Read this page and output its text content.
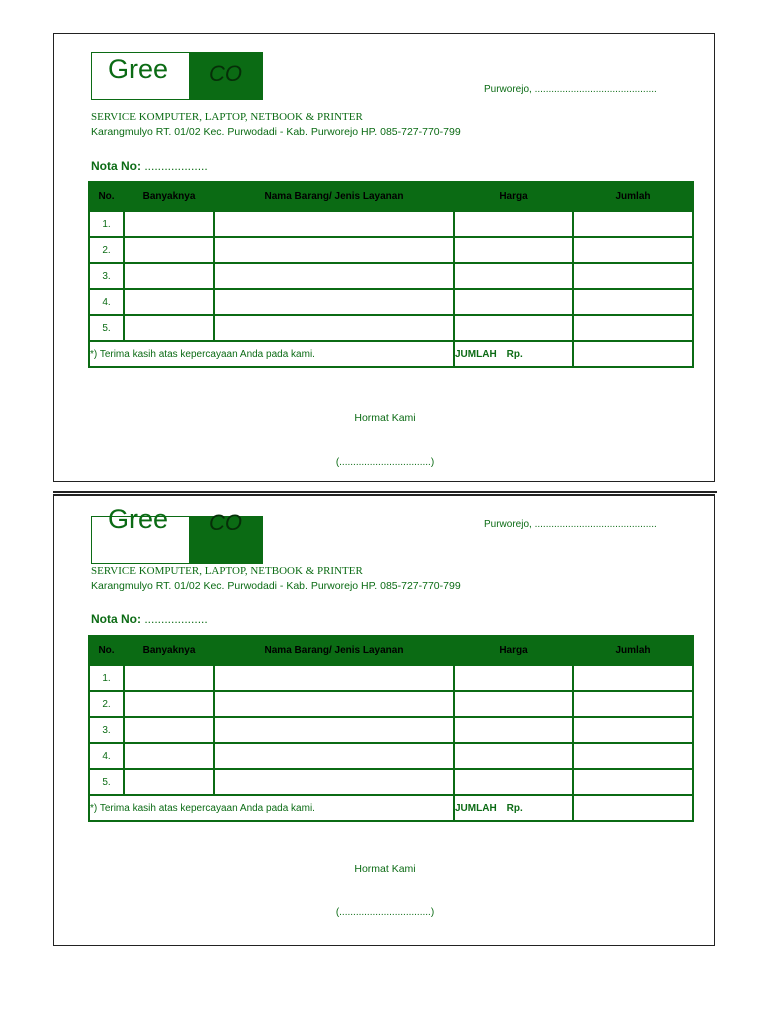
Gree CO
Purworejo, ............................................
SERVICE KOMPUTER, LAPTOP, NETBOOK & PRINTER
Karangmulyo RT. 01/02 Kec. Purwodadi - Kab. Purworejo HP. 085-727-770-799
Nota No: ...................
No.	Banyaknya	Nama Barang/ Jenis Layanan	Harga	Jumlah
1.				
2.				
3.				
4.				
5.				
*) Terima kasih atas kepercayaan Anda pada kami.			JUMLAH Rp.	
Hormat Kami
(.................................)
Gree CO	Purworejo, ............................................
SERVICE KOMPUTER, LAPTOP, NETBOOK & PRINTER
Karangmulyo RT. 01/02 Kec. Purwodadi - Kab. Purworejo HP. 085-727-770-799
Nota No: ...................
No.	Banyaknya	Nama Barang/ Jenis Layanan	Harga	Jumlah
1.				
2.				
3.				
4.				
5.				
*) Terima kasih atas kepercayaan Anda pada kami.			JUMLAH Rp.	
Hormat Kami
(.................................)
